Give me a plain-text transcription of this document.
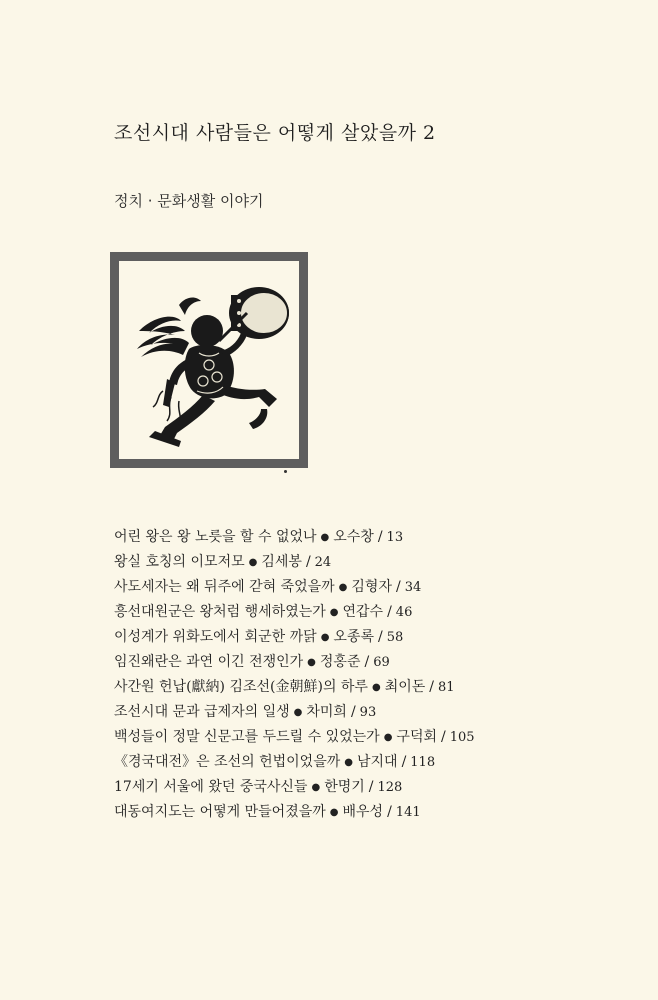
조선시대 사람들은 어떻게 살았을까 2
정치 · 문화생활 이야기
어린 왕은 왕 노릇을 할 수 없었나 ● 오수창 / 13
왕실 호칭의 이모저모 ● 김세봉 / 24
사도세자는 왜 뒤주에 갇혀 죽었을까 ● 김형자 / 34
흥선대원군은 왕처럼 행세하였는가 ● 연갑수 / 46
이성계가 위화도에서 회군한 까닭 ● 오종록 / 58
임진왜란은 과연 이긴 전쟁인가 ● 정홍준 / 69
사간원 헌납(獻納) 김조선(金朝鮮)의 하루 ● 최이돈 / 81
조선시대 문과 급제자의 일생 ● 차미희 / 93
백성들이 정말 신문고를 두드릴 수 있었는가 ● 구덕회 / 105
《경국대전》은 조선의 헌법이었을까 ● 남지대 / 118
17세기 서울에 왔던 중국사신들 ● 한명기 / 128
대동여지도는 어떻게 만들어졌을까 ● 배우성 / 141
